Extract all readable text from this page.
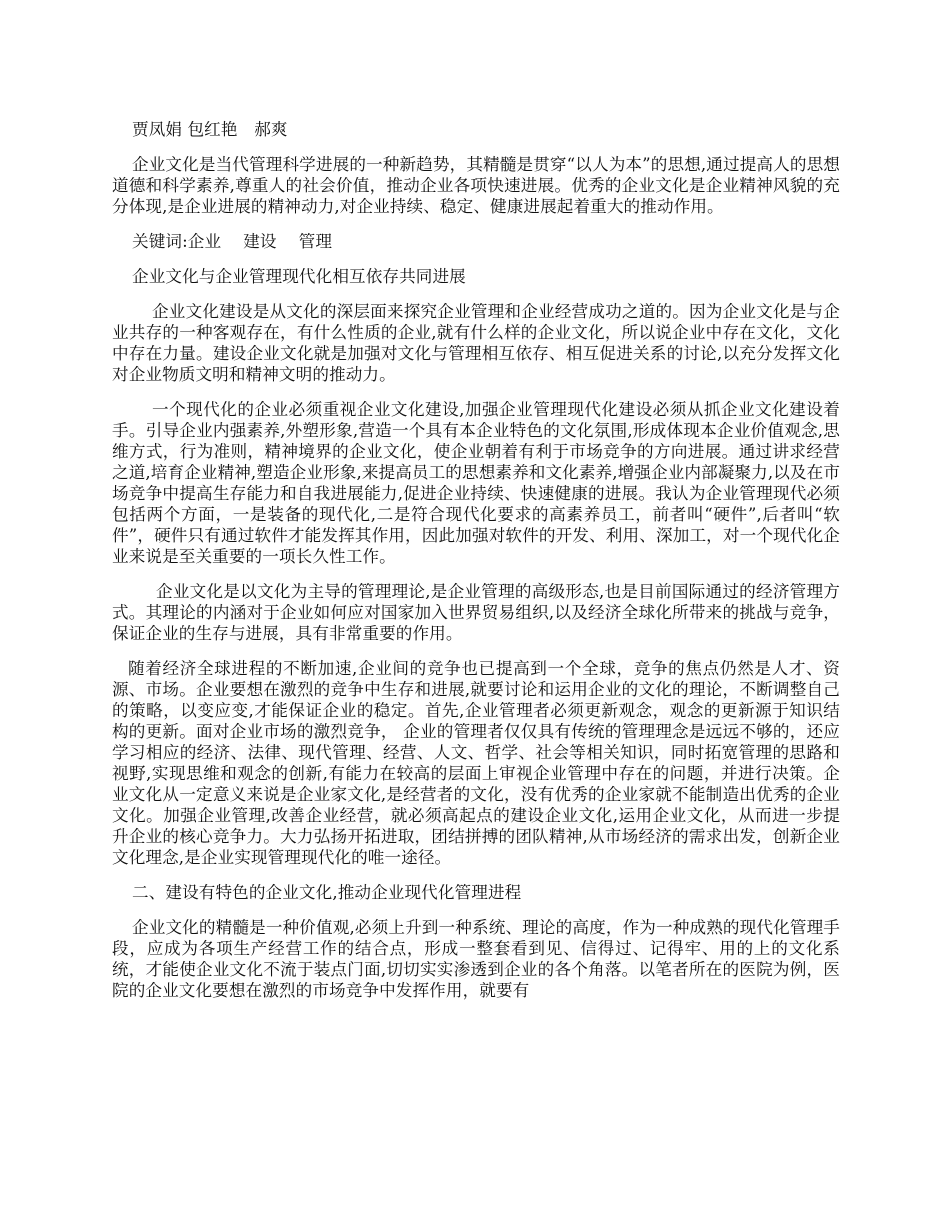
贾凤娟 包红艳　郝爽

企业文化是当代管理科学进展的一种新趋势，其精髓是贯穿“以人为本”的思想,通过提高人的思想道德和科学素养,尊重人的社会价值，推动企业各项快速进展。优秀的企业文化是企业精神风貌的充分体现,是企业进展的精神动力,对企业持续、稳定、健康进展起着重大的推动作用。

关键词:企业　 建设　 管理

企业文化与企业管理现代化相互依存共同进展

企业文化建设是从文化的深层面来探究企业管理和企业经营成功之道的。因为企业文化是与企业共存的一种客观存在，有什么性质的企业,就有什么样的企业文化，所以说企业中存在文化，文化中存在力量。建设企业文化就是加强对文化与管理相互依存、相互促进关系的讨论,以充分发挥文化对企业物质文明和精神文明的推动力。

一个现代化的企业必须重视企业文化建设,加强企业管理现代化建设必须从抓企业文化建设着手。引导企业内强素养,外塑形象,营造一个具有本企业特色的文化氛围,形成体现本企业价值观念,思维方式，行为准则，精神境界的企业文化，使企业朝着有利于市场竞争的方向进展。通过讲求经营之道,培育企业精神,塑造企业形象,来提高员工的思想素养和文化素养,增强企业内部凝聚力,以及在市场竞争中提高生存能力和自我进展能力,促进企业持续、快速健康的进展。我认为企业管理现代必须包括两个方面，一是装备的现代化,二是符合现代化要求的高素养员工，前者叫“硬件”,后者叫“软件”，硬件只有通过软件才能发挥其作用，因此加强对软件的开发、利用、深加工，对一个现代化企业来说是至关重要的一项长久性工作。

企业文化是以文化为主导的管理理论,是企业管理的高级形态,也是目前国际通过的经济管理方式。其理论的内涵对于企业如何应对国家加入世界贸易组织,以及经济全球化所带来的挑战与竞争，保证企业的生存与进展，具有非常重要的作用。

随着经济全球进程的不断加速,企业间的竞争也已提高到一个全球，竞争的焦点仍然是人才、资源、市场。企业要想在激烈的竞争中生存和进展,就要讨论和运用企业的文化的理论，不断调整自己的策略，以变应变,才能保证企业的稳定。首先,企业管理者必须更新观念，观念的更新源于知识结构的更新。面对企业市场的激烈竞争， 企业的管理者仅仅具有传统的管理理念是远远不够的，还应学习相应的经济、法律、现代管理、经营、人文、哲学、社会等相关知识，同时拓宽管理的思路和视野,实现思维和观念的创新,有能力在较高的层面上审视企业管理中存在的问题，并进行决策。企业文化从一定意义来说是企业家文化,是经营者的文化，没有优秀的企业家就不能制造出优秀的企业文化。加强企业管理,改善企业经营，就必须高起点的建设企业文化,运用企业文化，从而进一步提升企业的核心竞争力。大力弘扬开拓进取，团结拼搏的团队精神,从市场经济的需求出发，创新企业文化理念,是企业实现管理现代化的唯一途径。

二、建设有特色的企业文化,推动企业现代化管理进程

企业文化的精髓是一种价值观,必须上升到一种系统、理论的高度，作为一种成熟的现代化管理手段，应成为各项生产经营工作的结合点，形成一整套看到见、信得过、记得牢、用的上的文化系统，才能使企业文化不流于装点门面,切切实实渗透到企业的各个角落。以笔者所在的医院为例，医院的企业文化要想在激烈的市场竞争中发挥作用，就要有
